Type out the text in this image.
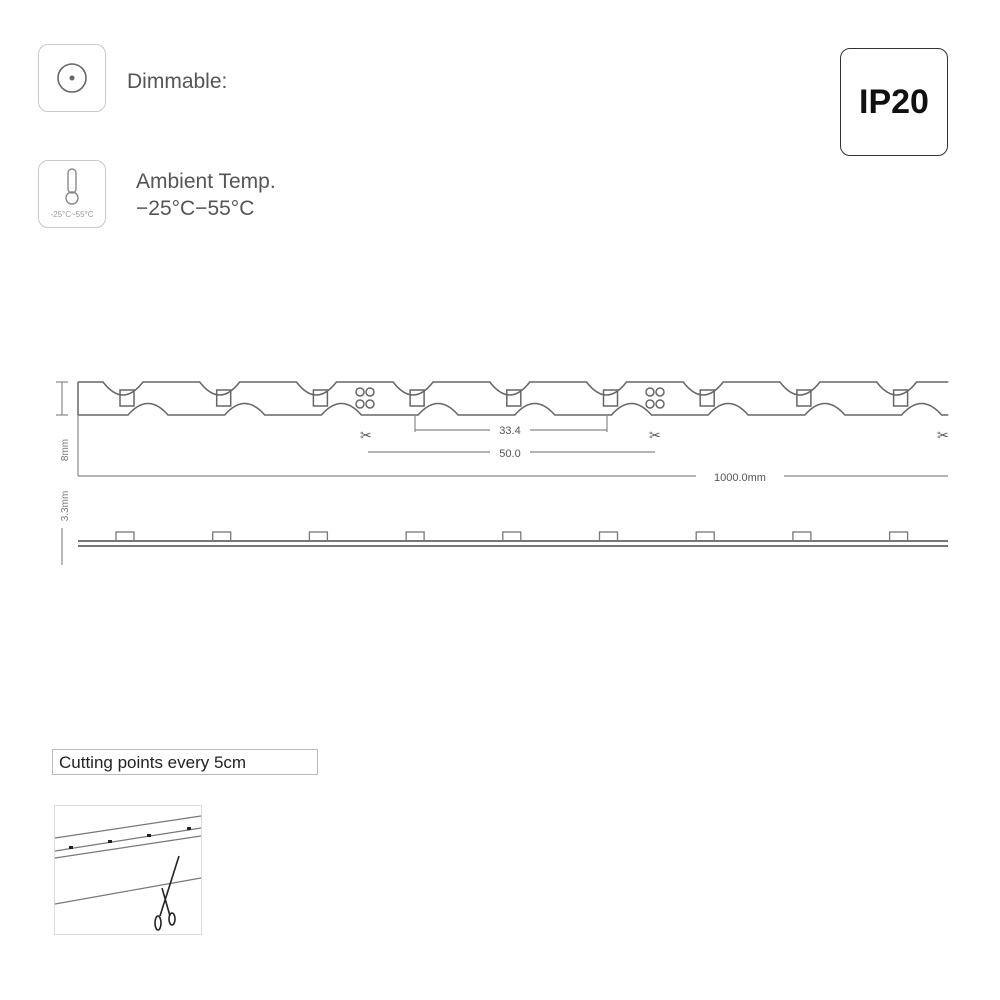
Dimmable:
-25°C~55°C
Ambient Temp.
−25°C−55°C
IP20
✂	✂	✂
33.4
50.0
1000.0mm
8mm
3.3mm
Cutting points every 5cm
